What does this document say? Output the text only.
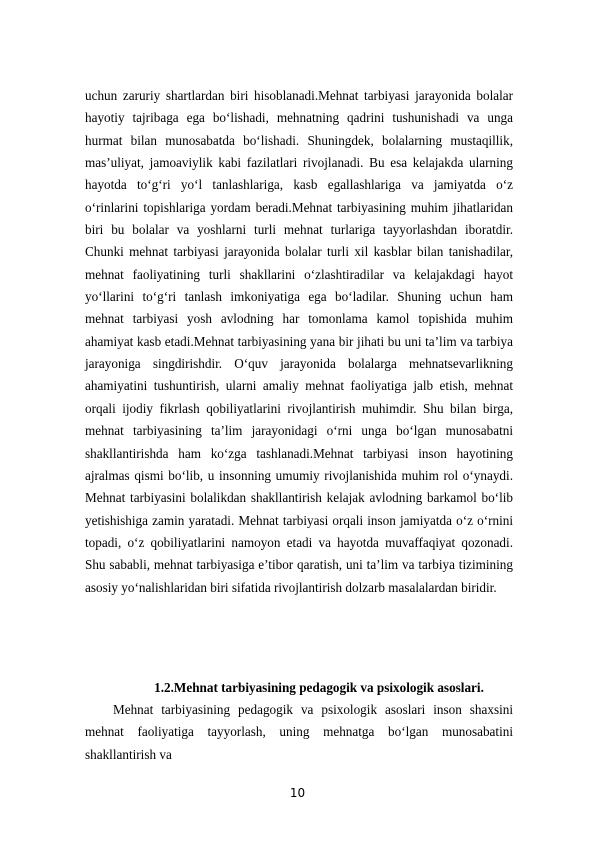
uchun zaruriy shartlardan biri hisoblanadi.Mehnat tarbiyasi jarayonida bolalar hayotiy tajribaga ega bo‘lishadi, mehnatning qadrini tushunishadi va unga hurmat bilan munosabatda bo‘lishadi. Shuningdek, bolalarning mustaqillik, mas’uliyat, jamoaviylik kabi fazilatlari rivojlanadi. Bu esa kelajakda ularning hayotda to‘g‘ri yo‘l tanlashlariga, kasb egallashlariga va jamiyatda o‘z o‘rinlarini topishlariga yordam beradi.Mehnat tarbiyasining muhim jihatlaridan biri bu bolalar va yoshlarni turli mehnat turlariga tayyorlashdan iboratdir. Chunki mehnat tarbiyasi jarayonida bolalar turli xil kasblar bilan tanishadilar, mehnat faoliyatining turli shakllarini o‘zlashtiradilar va kelajakdagi hayot yo‘llarini to‘g‘ri tanlash imkoniyatiga ega bo‘ladilar. Shuning uchun ham mehnat tarbiyasi yosh avlodning har tomonlama kamol topishida muhim ahamiyat kasb etadi.Mehnat tarbiyasining yana bir jihati bu uni ta’lim va tarbiya jarayoniga singdirishdir. O‘quv jarayonida bolalarga mehnatsevarlikning ahamiyatini tushuntirish, ularni amaliy mehnat faoliyatiga jalb etish, mehnat orqali ijodiy fikrlash qobiliyatlarini rivojlantirish muhimdir. Shu bilan birga, mehnat tarbiyasining ta’lim jarayonidagi o‘rni unga bo‘lgan munosabatni shakllantirishda ham ko‘zga tashlanadi.Mehnat tarbiyasi inson hayotining ajralmas qismi bo‘lib, u insonning umumiy rivojlanishida muhim rol o‘ynaydi. Mehnat tarbiyasini bolalikdan shakllantirish kelajak avlodning barkamol bo‘lib yetishishiga zamin yaratadi. Mehnat tarbiyasi orqali inson jamiyatda o‘z o‘rnini topadi, o‘z qobiliyatlarini namoyon etadi va hayotda muvaffaqiyat qozonadi. Shu sababli, mehnat tarbiyasiga e’tibor qaratish, uni ta’lim va tarbiya tizimining asosiy yo‘nalishlaridan biri sifatida rivojlantirish dolzarb masalalardan biridir.

1.2.Mehnat tarbiyasining pedagogik va psixologik asoslari.

Mehnat tarbiyasining pedagogik va psixologik asoslari inson shaxsini mehnat faoliyatiga tayyorlash, uning mehnatga bo‘lgan munosabatini shakllantirish va

10
